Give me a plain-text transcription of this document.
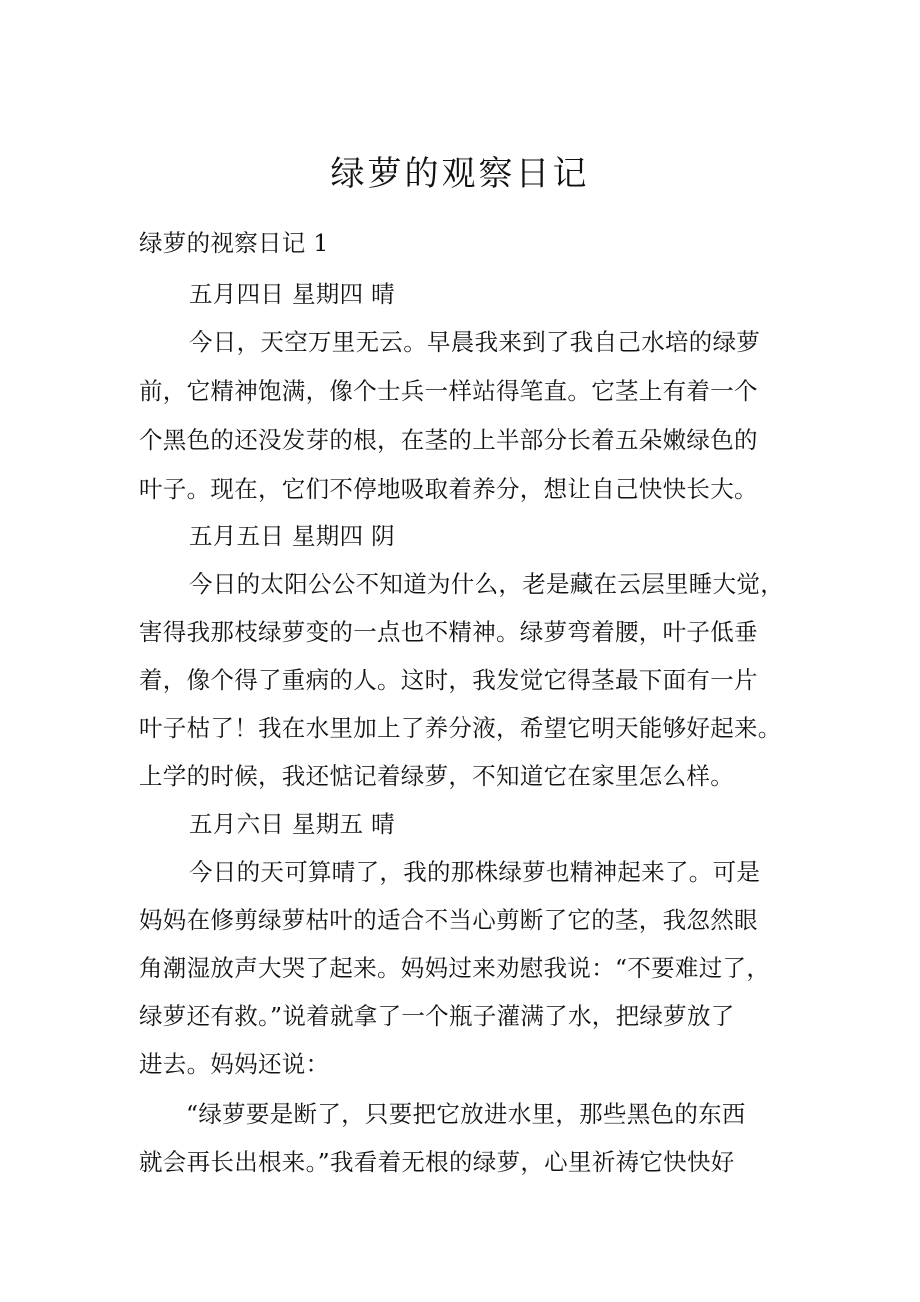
绿萝的观察日记
绿萝的视察日记 1
五月四日 星期四 晴
今日，天空万里无云。早晨我来到了我自己水培的绿萝
前，它精神饱满，像个士兵一样站得笔直。它茎上有着一个
个黑色的还没发芽的根，在茎的上半部分长着五朵嫩绿色的
叶子。现在，它们不停地吸取着养分，想让自己快快长大。
五月五日 星期四 阴
今日的太阳公公不知道为什么，老是藏在云层里睡大觉，
害得我那枝绿萝变的一点也不精神。绿萝弯着腰，叶子低垂
着，像个得了重病的人。这时，我发觉它得茎最下面有一片
叶子枯了！我在水里加上了养分液，希望它明天能够好起来。
上学的时候，我还惦记着绿萝，不知道它在家里怎么样。
五月六日 星期五 晴
今日的天可算晴了，我的那株绿萝也精神起来了。可是
妈妈在修剪绿萝枯叶的适合不当心剪断了它的茎，我忽然眼
角潮湿放声大哭了起来。妈妈过来劝慰我说：“不要难过了，
绿萝还有救。”说着就拿了一个瓶子灌满了水，把绿萝放了
进去。妈妈还说：
“绿萝要是断了，只要把它放进水里，那些黑色的东西
就会再长出根来。”我看着无根的绿萝，心里祈祷它快快好
